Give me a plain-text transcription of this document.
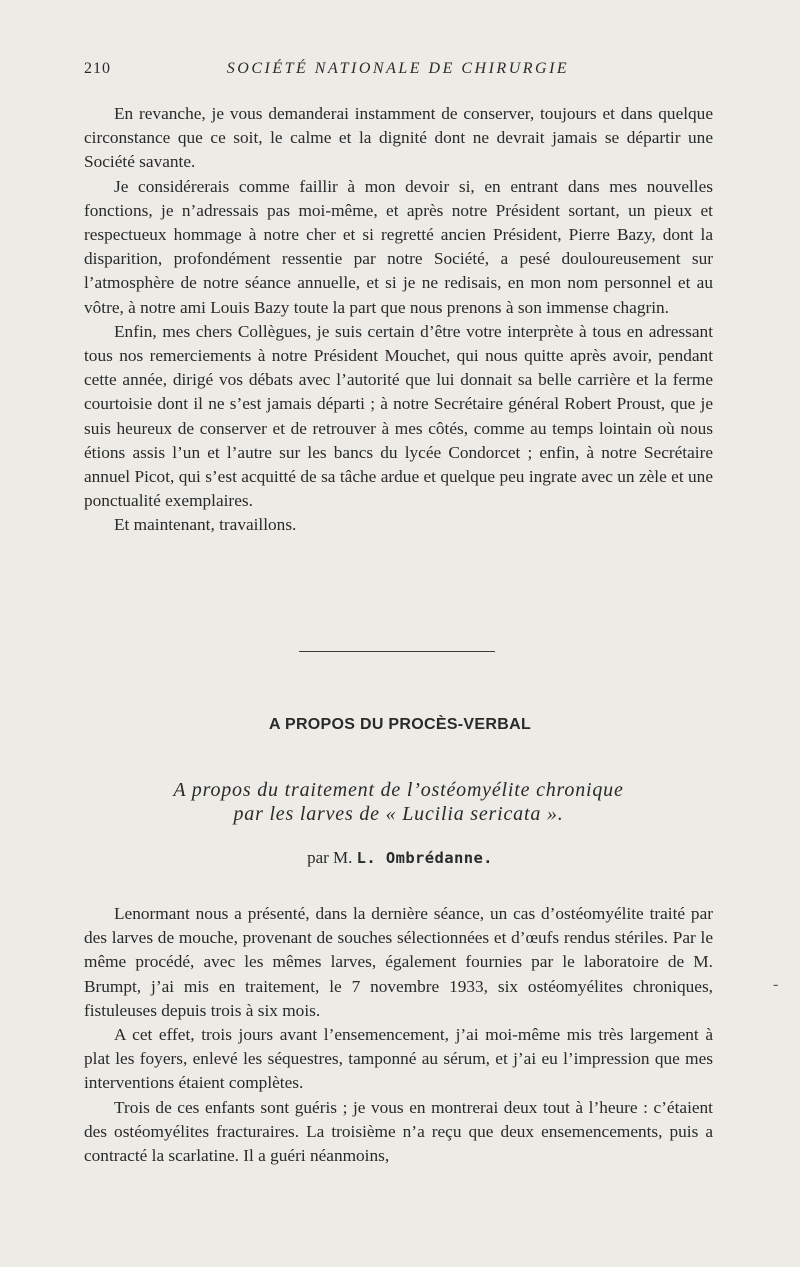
210	SOCIÉTÉ NATIONALE DE CHIRURGIE

En revanche, je vous demanderai instamment de conserver, toujours et dans quelque circonstance que ce soit, le calme et la dignité dont ne devrait jamais se départir une Société savante.

Je considérerais comme faillir à mon devoir si, en entrant dans mes nouvelles fonctions, je n’adressais pas moi-même, et après notre Président sortant, un pieux et respectueux hommage à notre cher et si regretté ancien Président, Pierre Bazy, dont la disparition, profondément ressentie par notre Société, a pesé douloureusement sur l’atmosphère de notre séance annuelle, et si je ne redisais, en mon nom personnel et au vôtre, à notre ami Louis Bazy toute la part que nous prenons à son immense chagrin.

Enfin, mes chers Collègues, je suis certain d’être votre interprète à tous en adressant tous nos remerciements à notre Président Mouchet, qui nous quitte après avoir, pendant cette année, dirigé vos débats avec l’autorité que lui donnait sa belle carrière et la ferme courtoisie dont il ne s’est jamais départi ; à notre Secrétaire général Robert Proust, que je suis heureux de conserver et de retrouver à mes côtés, comme au temps lointain où nous étions assis l’un et l’autre sur les bancs du lycée Condorcet ; enfin, à notre Secrétaire annuel Picot, qui s’est acquitté de sa tâche ardue et quelque peu ingrate avec un zèle et une ponctualité exemplaires.

Et maintenant, travaillons.

A PROPOS DU PROCÈS-VERBAL
A propos du traitement de l’ostéomyélite chronique
par les larves de « Lucilia sericata ».
par M. L. Ombrédanne.

Lenormant nous a présenté, dans la dernière séance, un cas d’ostéomyélite traité par des larves de mouche, provenant de souches sélectionnées et d’œufs rendus stériles. Par le même procédé, avec les mêmes larves, également fournies par le laboratoire de M. Brumpt, j’ai mis en traitement, le 7 novembre 1933, six ostéomyélites chroniques, fistuleuses depuis trois à six mois.

A cet effet, trois jours avant l’ensemencement, j’ai moi-même mis très largement à plat les foyers, enlevé les séquestres, tamponné au sérum, et j’ai eu l’impression que mes interventions étaient complètes.

Trois de ces enfants sont guéris ; je vous en montrerai deux tout à l’heure : c’étaient des ostéomyélites fracturaires. La troisième n’a reçu que deux ensemencements, puis a contracté la scarlatine. Il a guéri néanmoins,

-
